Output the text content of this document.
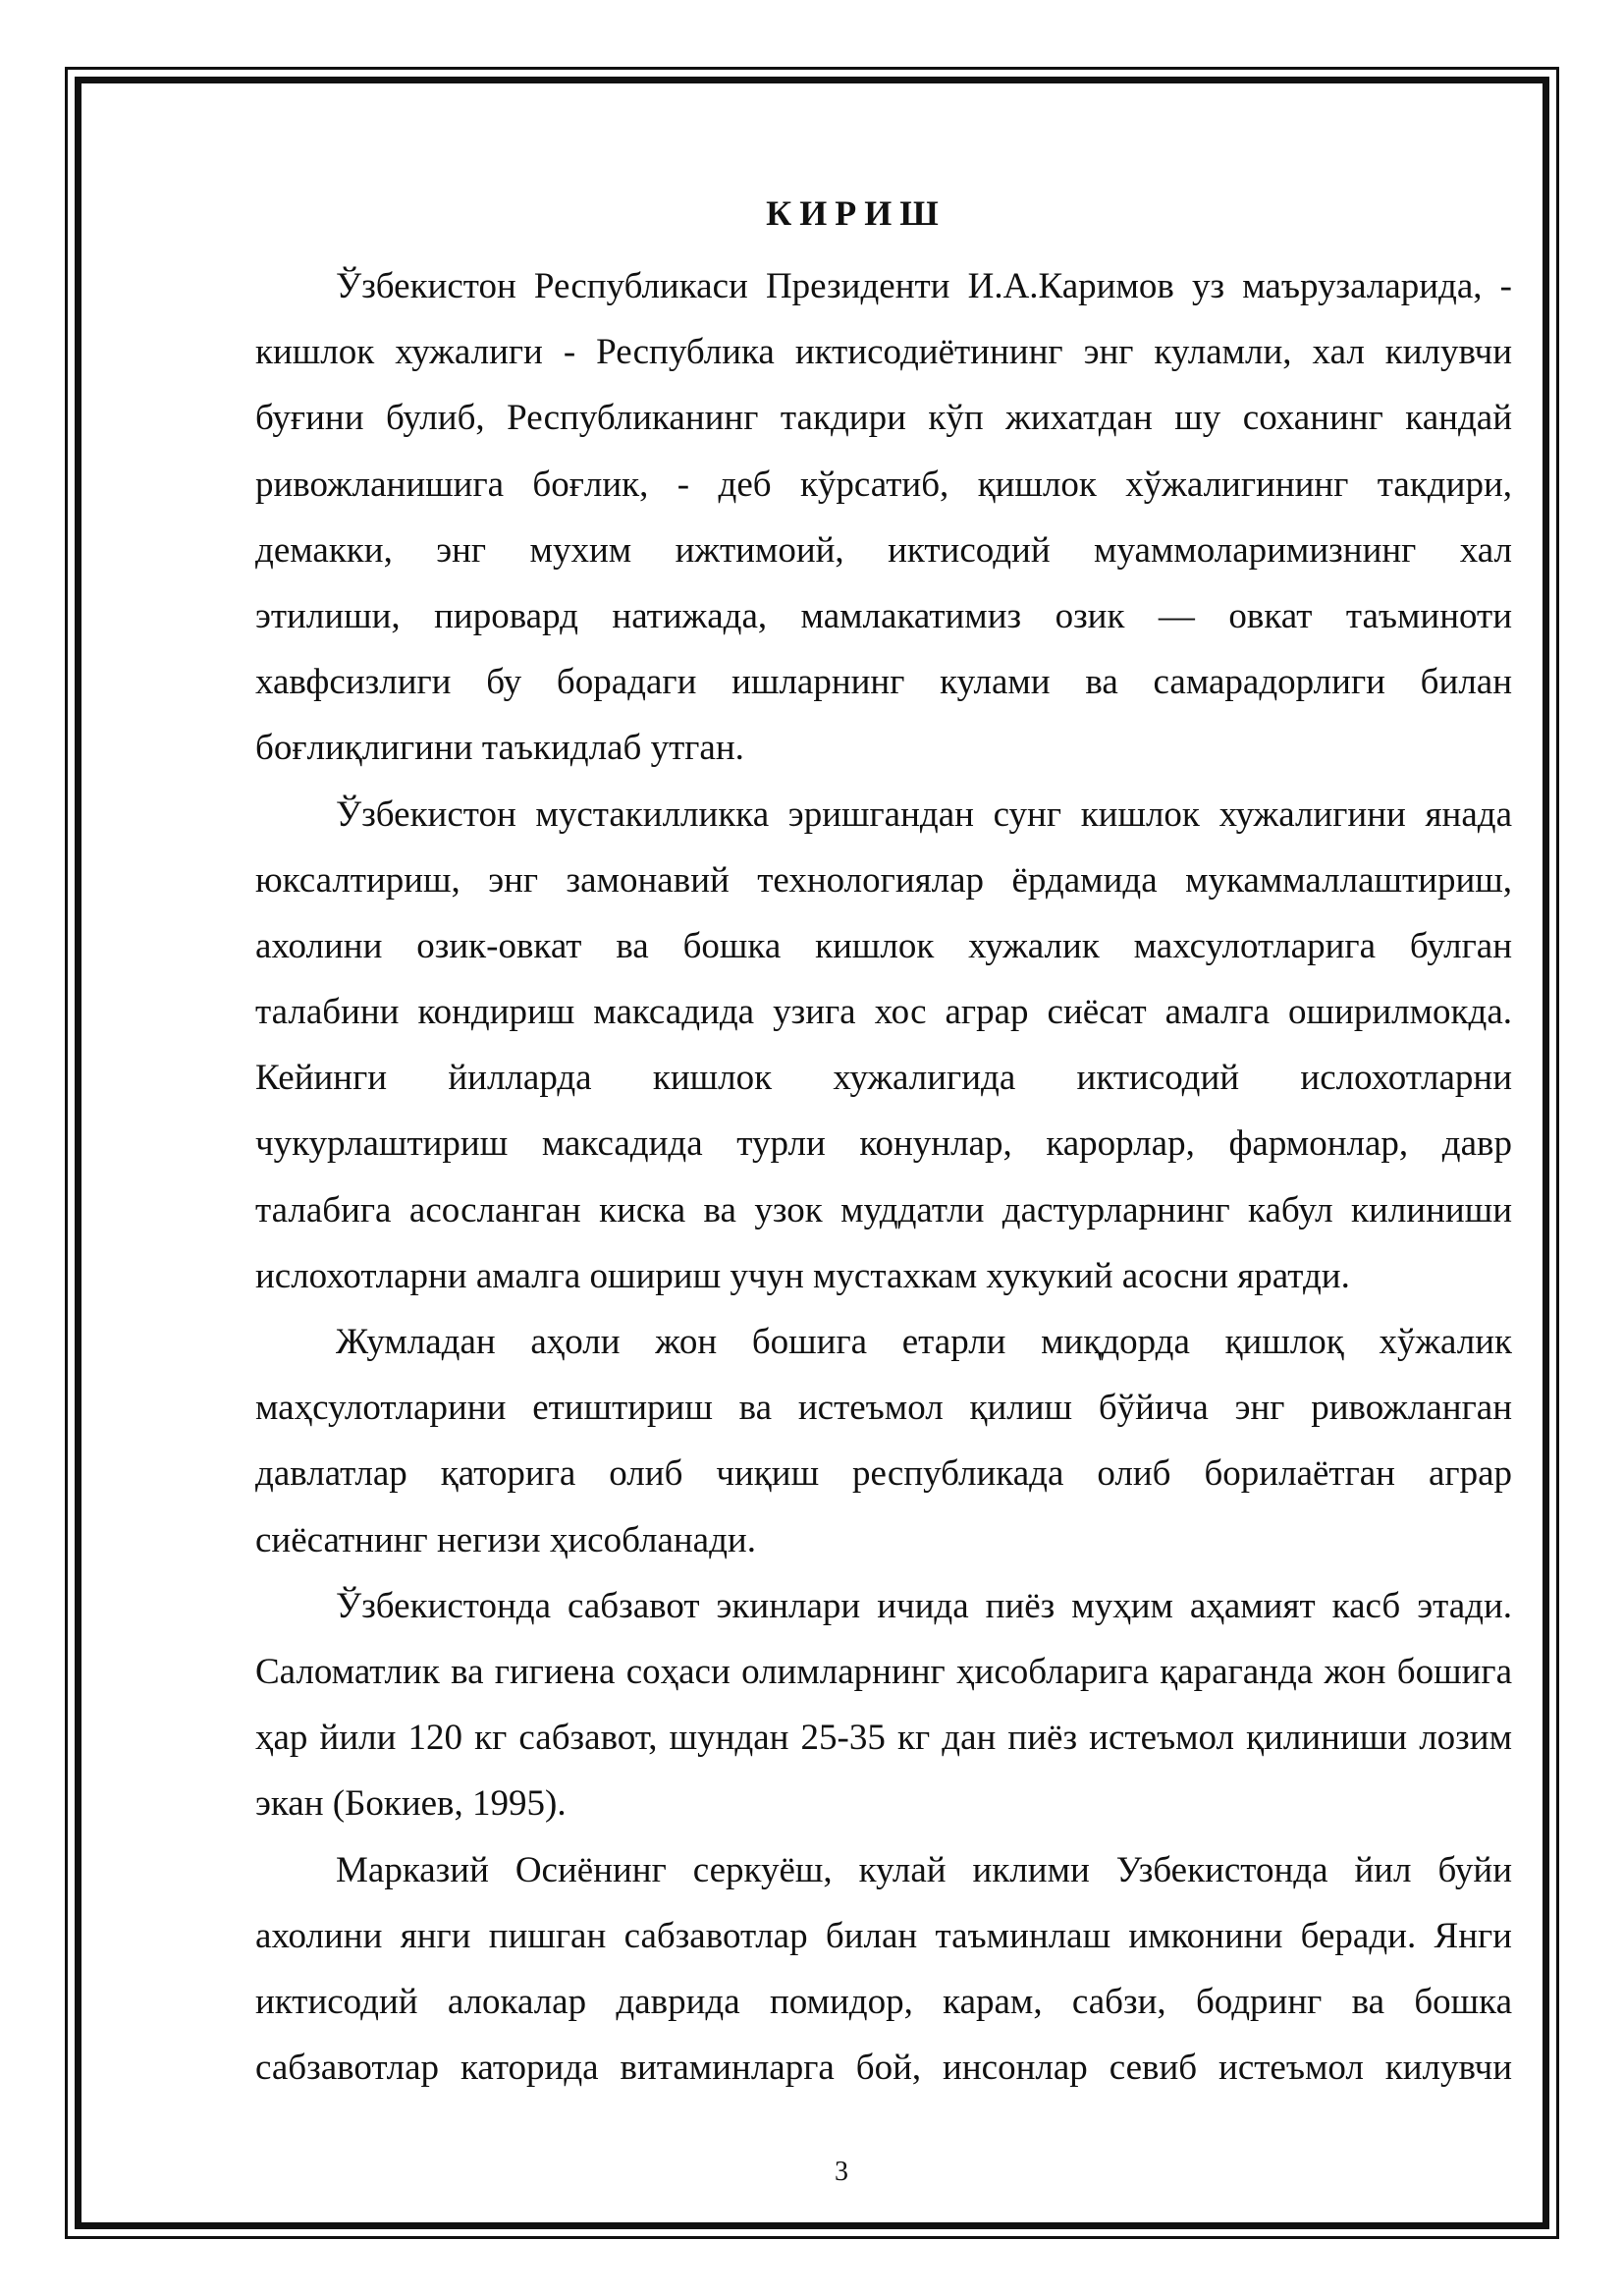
КИРИШ
Ўзбекистон Республикаси Президенти И.А.Каримов уз маърузаларида, -
кишлок хужалиги - Республика иктисодиётининг энг куламли, хал килувчи
буғини булиб, Республиканинг такдири кўп жихатдан шу соханинг кандай
ривожланишига боғлик, - деб кўрсатиб, қишлок хўжалигининг такдири,
демакки, энг мухим ижтимоий, иктисодий муаммоларимизнинг хал
этилиши, пировард натижада, мамлакатимиз озик — овкат таъминоти
хавфсизлиги бу борадаги ишларнинг кулами ва самарадорлиги билан
боғлиқлигини таъкидлаб утган.
Ўзбекистон мустакилликка эришгандан сунг кишлок хужалигини янада
юксалтириш, энг замонавий технологиялар ёрдамида мукаммаллаштириш,
ахолини озик-овкат ва бошка кишлок хужалик махсулотларига булган
талабини кондириш максадида узига хос аграр сиёсат амалга оширилмокда.
Кейинги йилларда кишлок хужалигида иктисодий ислохотларни
чукурлаштириш максадида турли конунлар, карорлар, фармонлар, давр
талабига асосланган киска ва узок муддатли дастурларнинг кабул килиниши
ислохотларни амалга ошириш учун мустахкам хукукий асосни яратди.
Жумладан аҳоли жон бошига етарли миқдорда қишлоқ хўжалик
маҳсулотларини етиштириш ва истеъмол қилиш бўйича энг ривожланган
давлатлар қаторига олиб чиқиш республикада олиб борилаётган аграр
сиёсатнинг негизи ҳисобланади.
Ўзбекистонда сабзавот экинлари ичида пиёз муҳим аҳамият касб этади.
Саломатлик ва гигиена соҳаси олимларнинг ҳисобларига қараганда жон бошига
ҳар йили 120 кг сабзавот, шундан 25-35 кг дан пиёз истеъмол қилиниши лозим
экан (Бокиев, 1995).
Марказий Осиёнинг серкуёш, кулай иклими Узбекистонда йил буйи
ахолини янги пишган сабзавотлар билан таъминлаш имконини беради. Янги
иктисодий алокалар даврида помидор, карам, сабзи, бодринг ва бошка
сабзавотлар каторида витаминларга бой, инсонлар севиб истеъмол килувчи
3
